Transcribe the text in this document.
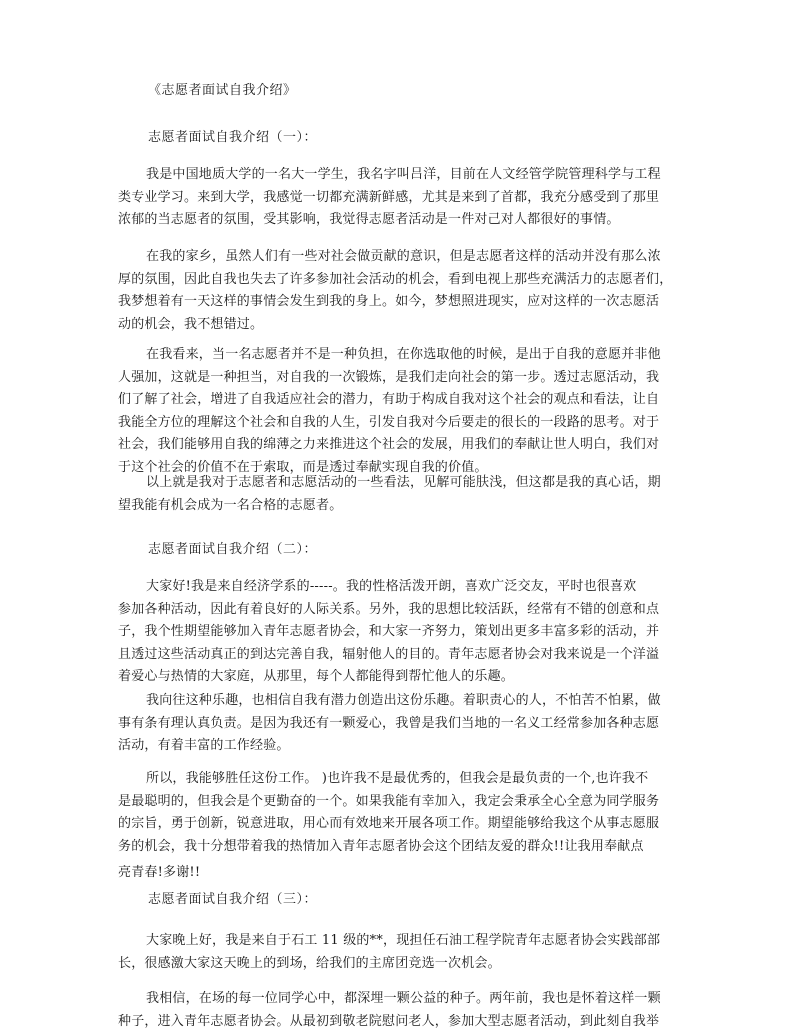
《志愿者面试自我介绍》
志愿者面试自我介绍（一）：
我是中国地质大学的一名大一学生，我名字叫吕洋，目前在人文经管学院管理科学与工程
类专业学习。来到大学，我感觉一切都充满新鲜感，尤其是来到了首都，我充分感受到了那里
浓郁的当志愿者的氛围，受其影响，我觉得志愿者活动是一件对己对人都很好的事情。
在我的家乡，虽然人们有一些对社会做贡献的意识，但是志愿者这样的活动并没有那么浓
厚的氛围，因此自我也失去了许多参加社会活动的机会，看到电视上那些充满活力的志愿者们，
我梦想着有一天这样的事情会发生到我的身上。如今，梦想照进现实，应对这样的一次志愿活
动的机会，我不想错过。
在我看来，当一名志愿者并不是一种负担，在你选取他的时候，是出于自我的意愿并非他
人强加，这就是一种担当，对自我的一次锻炼，是我们走向社会的第一步。透过志愿活动，我
们了解了社会，增进了自我适应社会的潜力，有助于构成自我对这个社会的观点和看法，让自
我能全方位的理解这个社会和自我的人生，引发自我对今后要走的很长的一段路的思考。对于
社会，我们能够用自我的绵薄之力来推进这个社会的发展，用我们的奉献让世人明白，我们对
于这个社会的价值不在于索取，而是透过奉献实现自我的价值。
以上就是我对于志愿者和志愿活动的一些看法，见解可能肤浅，但这都是我的真心话，期
望我能有机会成为一名合格的志愿者。
志愿者面试自我介绍（二）：
大家好!我是来自经济学系的-----。我的性格活泼开朗，喜欢广泛交友，平时也很喜欢
参加各种活动，因此有着良好的人际关系。另外，我的思想比较活跃，经常有不错的创意和点
子，我个性期望能够加入青年志愿者协会，和大家一齐努力，策划出更多丰富多彩的活动，并
且透过这些活动真正的到达完善自我，辐射他人的目的。青年志愿者协会对我来说是一个洋溢
着爱心与热情的大家庭，从那里，每个人都能得到帮忙他人的乐趣。
我向往这种乐趣，也相信自我有潜力创造出这份乐趣。着职责心的人，不怕苦不怕累，做
事有条有理认真负责。是因为我还有一颗爱心，我曾是我们当地的一名义工经常参加各种志愿
活动，有着丰富的工作经验。
所以，我能够胜任这份工作。 )也许我不是最优秀的，但我会是最负责的一个,也许我不
是最聪明的，但我会是个更勤奋的一个。如果我能有幸加入，我定会秉承全心全意为同学服务
的宗旨，勇于创新，锐意进取，用心而有效地来开展各项工作。期望能够给我这个从事志愿服
务的机会，我十分想带着我的热情加入青年志愿者协会这个团结友爱的群众!!让我用奉献点
亮青春!多谢!!
志愿者面试自我介绍（三）：
大家晚上好，我是来自于石工 11 级的**，现担任石油工程学院青年志愿者协会实践部部
长，很感激大家这天晚上的到场，给我们的主席团竞选一次机会。
我相信，在场的每一位同学心中，都深埋一颗公益的种子。两年前，我也是怀着这样一颗
种子，进入青年志愿者协会。从最初到敬老院慰问老人，参加大型志愿者活动，到此刻自我举
